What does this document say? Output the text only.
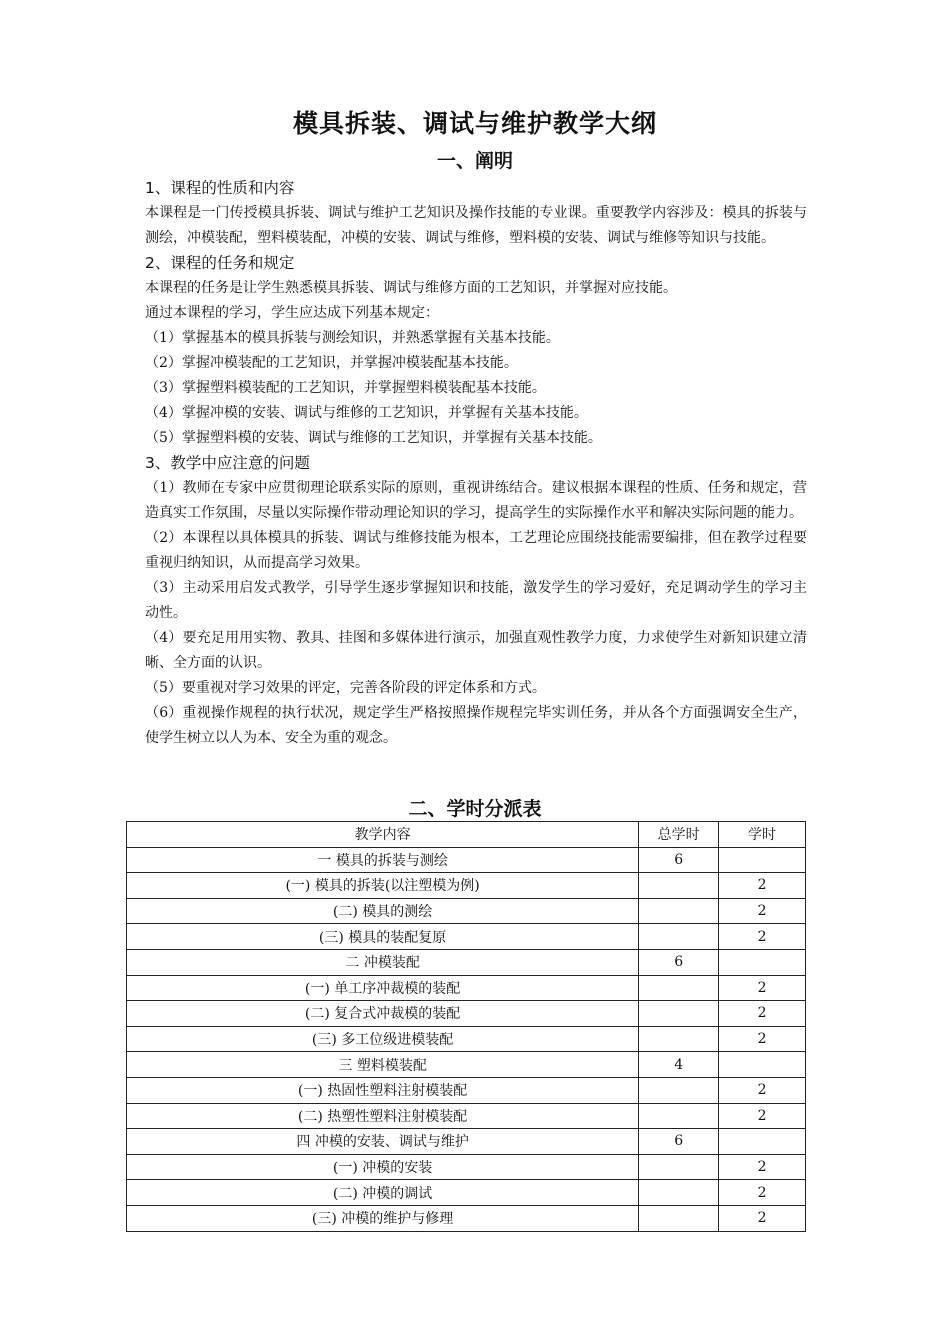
模具拆装、调试与维护教学大纲
一、阐明
1、课程的性质和内容
本课程是一门传授模具拆装、调试与维护工艺知识及操作技能的专业课。重要教学内容涉及：模具的拆装与测绘，冲模装配，塑料模装配，冲模的安装、调试与维修，塑料模的安装、调试与维修等知识与技能。
2、课程的任务和规定
本课程的任务是让学生熟悉模具拆装、调试与维修方面的工艺知识，并掌握对应技能。
通过本课程的学习，学生应达成下列基本规定：
（1）掌握基本的模具拆装与测绘知识，并熟悉掌握有关基本技能。
（2）掌握冲模装配的工艺知识，并掌握冲模装配基本技能。
（3）掌握塑料模装配的工艺知识，并掌握塑料模装配基本技能。
（4）掌握冲模的安装、调试与维修的工艺知识，并掌握有关基本技能。
（5）掌握塑料模的安装、调试与维修的工艺知识，并掌握有关基本技能。
3、教学中应注意的问题
（1）教师在专家中应贯彻理论联系实际的原则，重视讲练结合。建议根据本课程的性质、任务和规定，营造真实工作氛围，尽量以实际操作带动理论知识的学习，提高学生的实际操作水平和解决实际问题的能力。
（2）本课程以具体模具的拆装、调试与维修技能为根本，工艺理论应围绕技能需要编排，但在教学过程要重视归纳知识，从而提高学习效果。
（3）主动采用启发式教学，引导学生逐步掌握知识和技能，激发学生的学习爱好，充足调动学生的学习主动性。
（4）要充足用用实物、教具、挂图和多媒体进行演示，加强直观性教学力度，力求使学生对新知识建立清晰、全方面的认识。
（5）要重视对学习效果的评定，完善各阶段的评定体系和方式。
（6）重视操作规程的执行状况，规定学生严格按照操作规程完毕实训任务，并从各个方面强调安全生产，使学生树立以人为本、安全为重的观念。
二、学时分派表
教学内容	总学时	学时
一 模具的拆装与测绘	6	
(一) 模具的拆装(以注塑模为例)		2
(二) 模具的测绘		2
(三) 模具的装配复原		2
二 冲模装配	6	
(一) 单工序冲裁模的装配		2
(二) 复合式冲裁模的装配		2
(三) 多工位级进模装配		2
三 塑料模装配	4	
(一) 热固性塑料注射模装配		2
(二) 热塑性塑料注射模装配		2
四 冲模的安装、调试与维护	6	
(一) 冲模的安装		2
(二) 冲模的调试		2
(三) 冲模的维护与修理		2
